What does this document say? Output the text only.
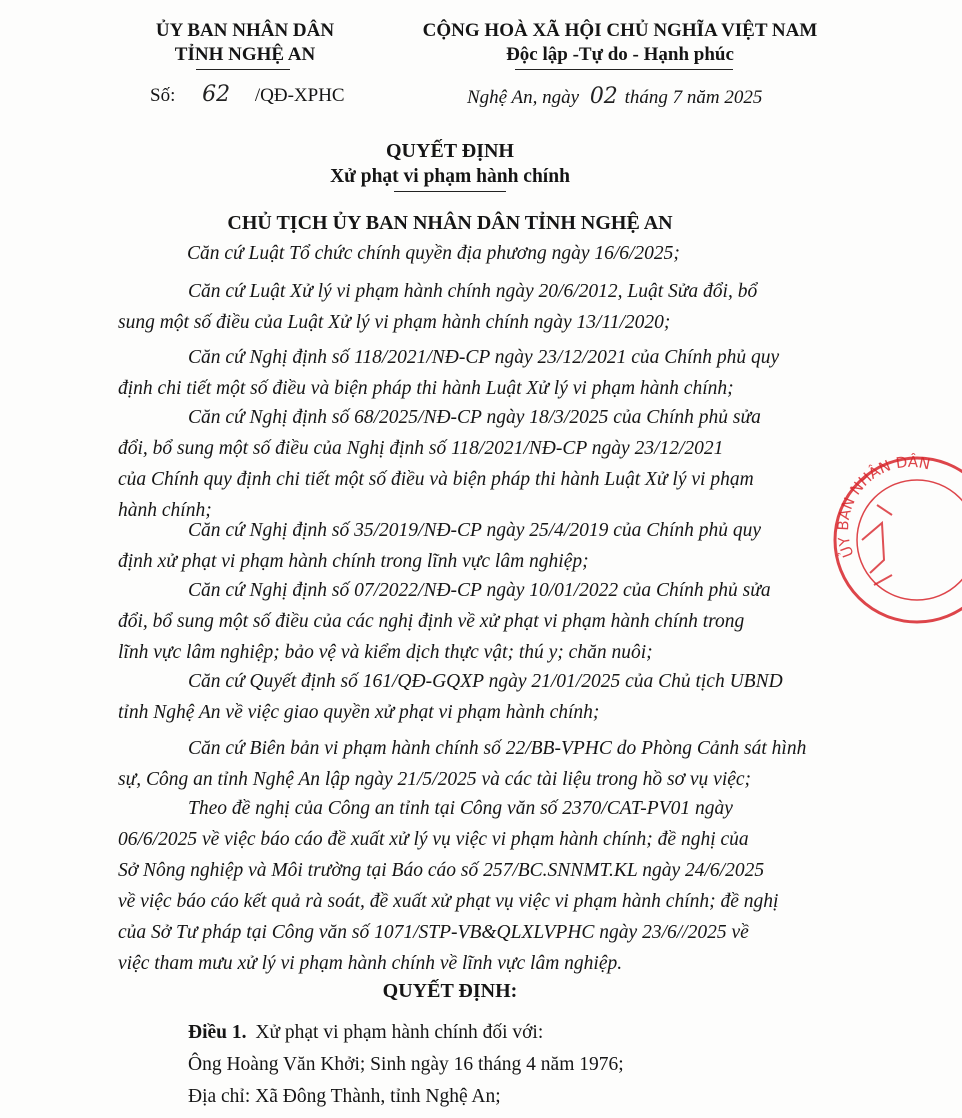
ỦY BAN NHÂN DÂN
TỈNH NGHỆ AN
Số: 62 /QĐ-XPHC
CỘNG HOÀ XÃ HỘI CHỦ NGHĨA VIỆT NAM
Độc lập -Tự do - Hạnh phúc
Nghệ An, ngày 02 tháng 7 năm 2025
QUYẾT ĐỊNH
Xử phạt vi phạm hành chính
CHỦ TỊCH ỦY BAN NHÂN DÂN TỈNH NGHỆ AN
Căn cứ Luật Tổ chức chính quyền địa phương ngày 16/6/2025;
Căn cứ Luật Xử lý vi phạm hành chính ngày 20/6/2012, Luật Sửa đổi, bổ
sung một số điều của Luật Xử lý vi phạm hành chính ngày 13/11/2020;
Căn cứ Nghị định số 118/2021/NĐ-CP ngày 23/12/2021 của Chính phủ quy
định chi tiết một số điều và biện pháp thi hành Luật Xử lý vi phạm hành chính;
Căn cứ Nghị định số 68/2025/NĐ-CP ngày 18/3/2025 của Chính phủ sửa
đổi, bổ sung một số điều của Nghị định số 118/2021/NĐ-CP ngày 23/12/2021
của Chính quy định chi tiết một số điều và biện pháp thi hành Luật Xử lý vi phạm
hành chính;
Căn cứ Nghị định số 35/2019/NĐ-CP ngày 25/4/2019 của Chính phủ quy
định xử phạt vi phạm hành chính trong lĩnh vực lâm nghiệp;
Căn cứ Nghị định số 07/2022/NĐ-CP ngày 10/01/2022 của Chính phủ sửa
đổi, bổ sung một số điều của các nghị định về xử phạt vi phạm hành chính trong
lĩnh vực lâm nghiệp; bảo vệ và kiểm dịch thực vật; thú y; chăn nuôi;
Căn cứ Quyết định số 161/QĐ-GQXP ngày 21/01/2025 của Chủ tịch UBND
tỉnh Nghệ An về việc giao quyền xử phạt vi phạm hành chính;
Căn cứ Biên bản vi phạm hành chính số 22/BB-VPHC do Phòng Cảnh sát hình
sự, Công an tỉnh Nghệ An lập ngày 21/5/2025 và các tài liệu trong hồ sơ vụ việc;
Theo đề nghị của Công an tỉnh tại Công văn số 2370/CAT-PV01 ngày
06/6/2025 về việc báo cáo đề xuất xử lý vụ việc vi phạm hành chính; đề nghị của
Sở Nông nghiệp và Môi trường tại Báo cáo số 257/BC.SNNMT.KL ngày 24/6/2025
về việc báo cáo kết quả rà soát, đề xuất xử phạt vụ việc vi phạm hành chính; đề nghị
của Sở Tư pháp tại Công văn số 1071/STP-VB&QLXLVPHC ngày 23/6//2025 về
việc tham mưu xử lý vi phạm hành chính về lĩnh vực lâm nghiệp.
QUYẾT ĐỊNH:
Điều 1. Xử phạt vi phạm hành chính đối với:
Ông Hoàng Văn Khởi; Sinh ngày 16 tháng 4 năm 1976;
Địa chỉ: Xã Đông Thành, tỉnh Nghệ An;
ỦY BAN NHÂN DÂN
